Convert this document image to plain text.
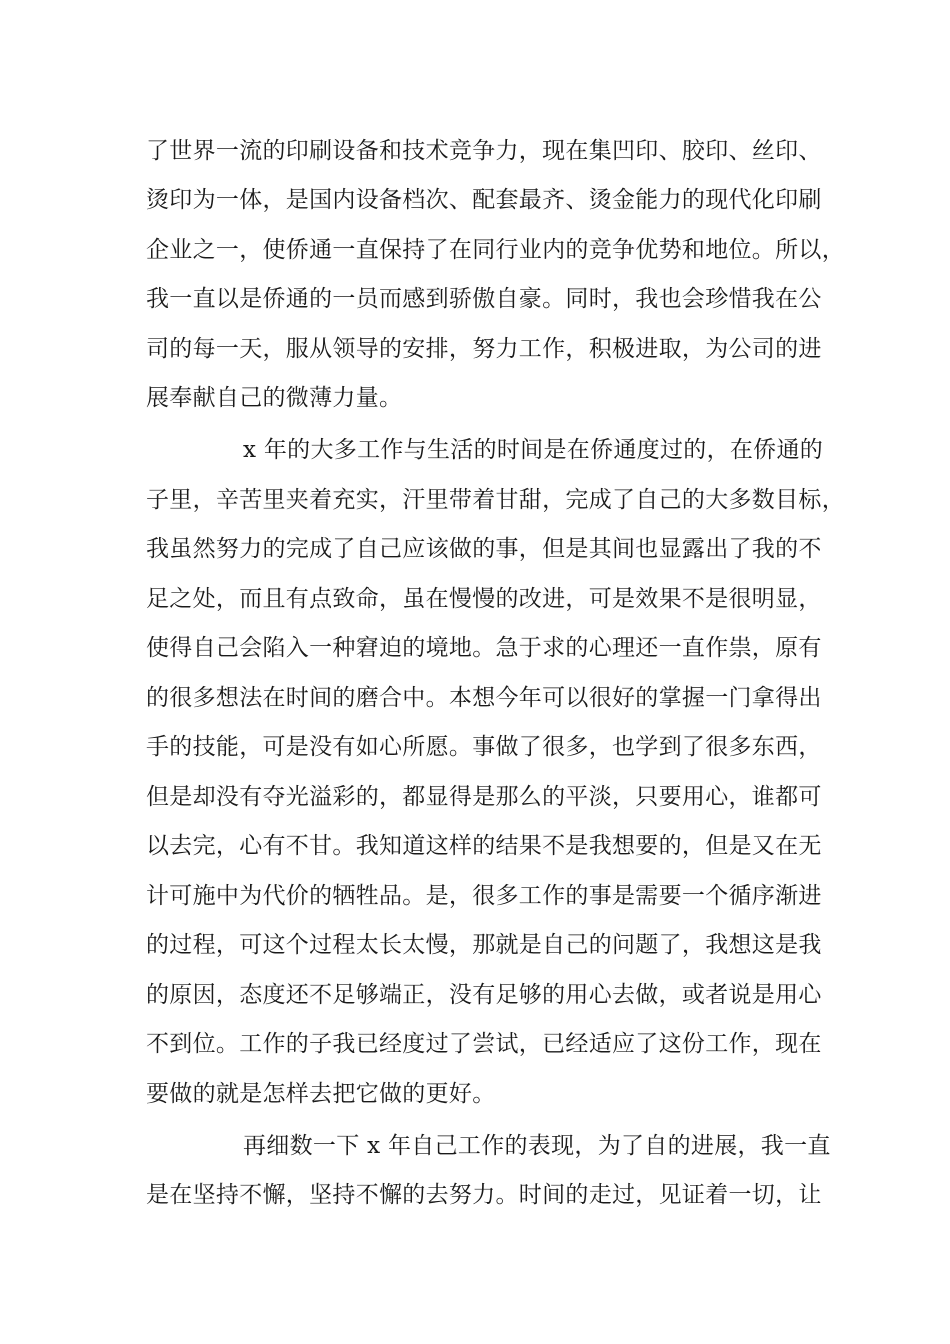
了世界一流的印刷设备和技术竞争力，现在集凹印、胶印、丝印、
烫印为一体，是国内设备档次、配套最齐、烫金能力的现代化印刷
企业之一，使侨通一直保持了在同行业内的竞争优势和地位。所以，
我一直以是侨通的一员而感到骄傲自豪。同时，我也会珍惜我在公
司的每一天，服从领导的安排，努力工作，积极进取，为公司的进
展奉献自己的微薄力量。
x 年的大多工作与生活的时间是在侨通度过的，在侨通的
子里，辛苦里夹着充实，汗里带着甘甜，完成了自己的大多数目标，
我虽然努力的完成了自己应该做的事，但是其间也显露出了我的不
足之处，而且有点致命，虽在慢慢的改进，可是效果不是很明显，
使得自己会陷入一种窘迫的境地。急于求的心理还一直作祟，原有
的很多想法在时间的磨合中。本想今年可以很好的掌握一门拿得出
手的技能，可是没有如心所愿。事做了很多，也学到了很多东西，
但是却没有夺光溢彩的，都显得是那么的平淡，只要用心，谁都可
以去完，心有不甘。我知道这样的结果不是我想要的，但是又在无
计可施中为代价的牺牲品。是，很多工作的事是需要一个循序渐进
的过程，可这个过程太长太慢，那就是自己的问题了，我想这是我
的原因，态度还不足够端正，没有足够的用心去做，或者说是用心
不到位。工作的子我已经度过了尝试，已经适应了这份工作，现在
要做的就是怎样去把它做的更好。
再细数一下 x 年自己工作的表现，为了自的进展，我一直
是在坚持不懈，坚持不懈的去努力。时间的走过，见证着一切，让
